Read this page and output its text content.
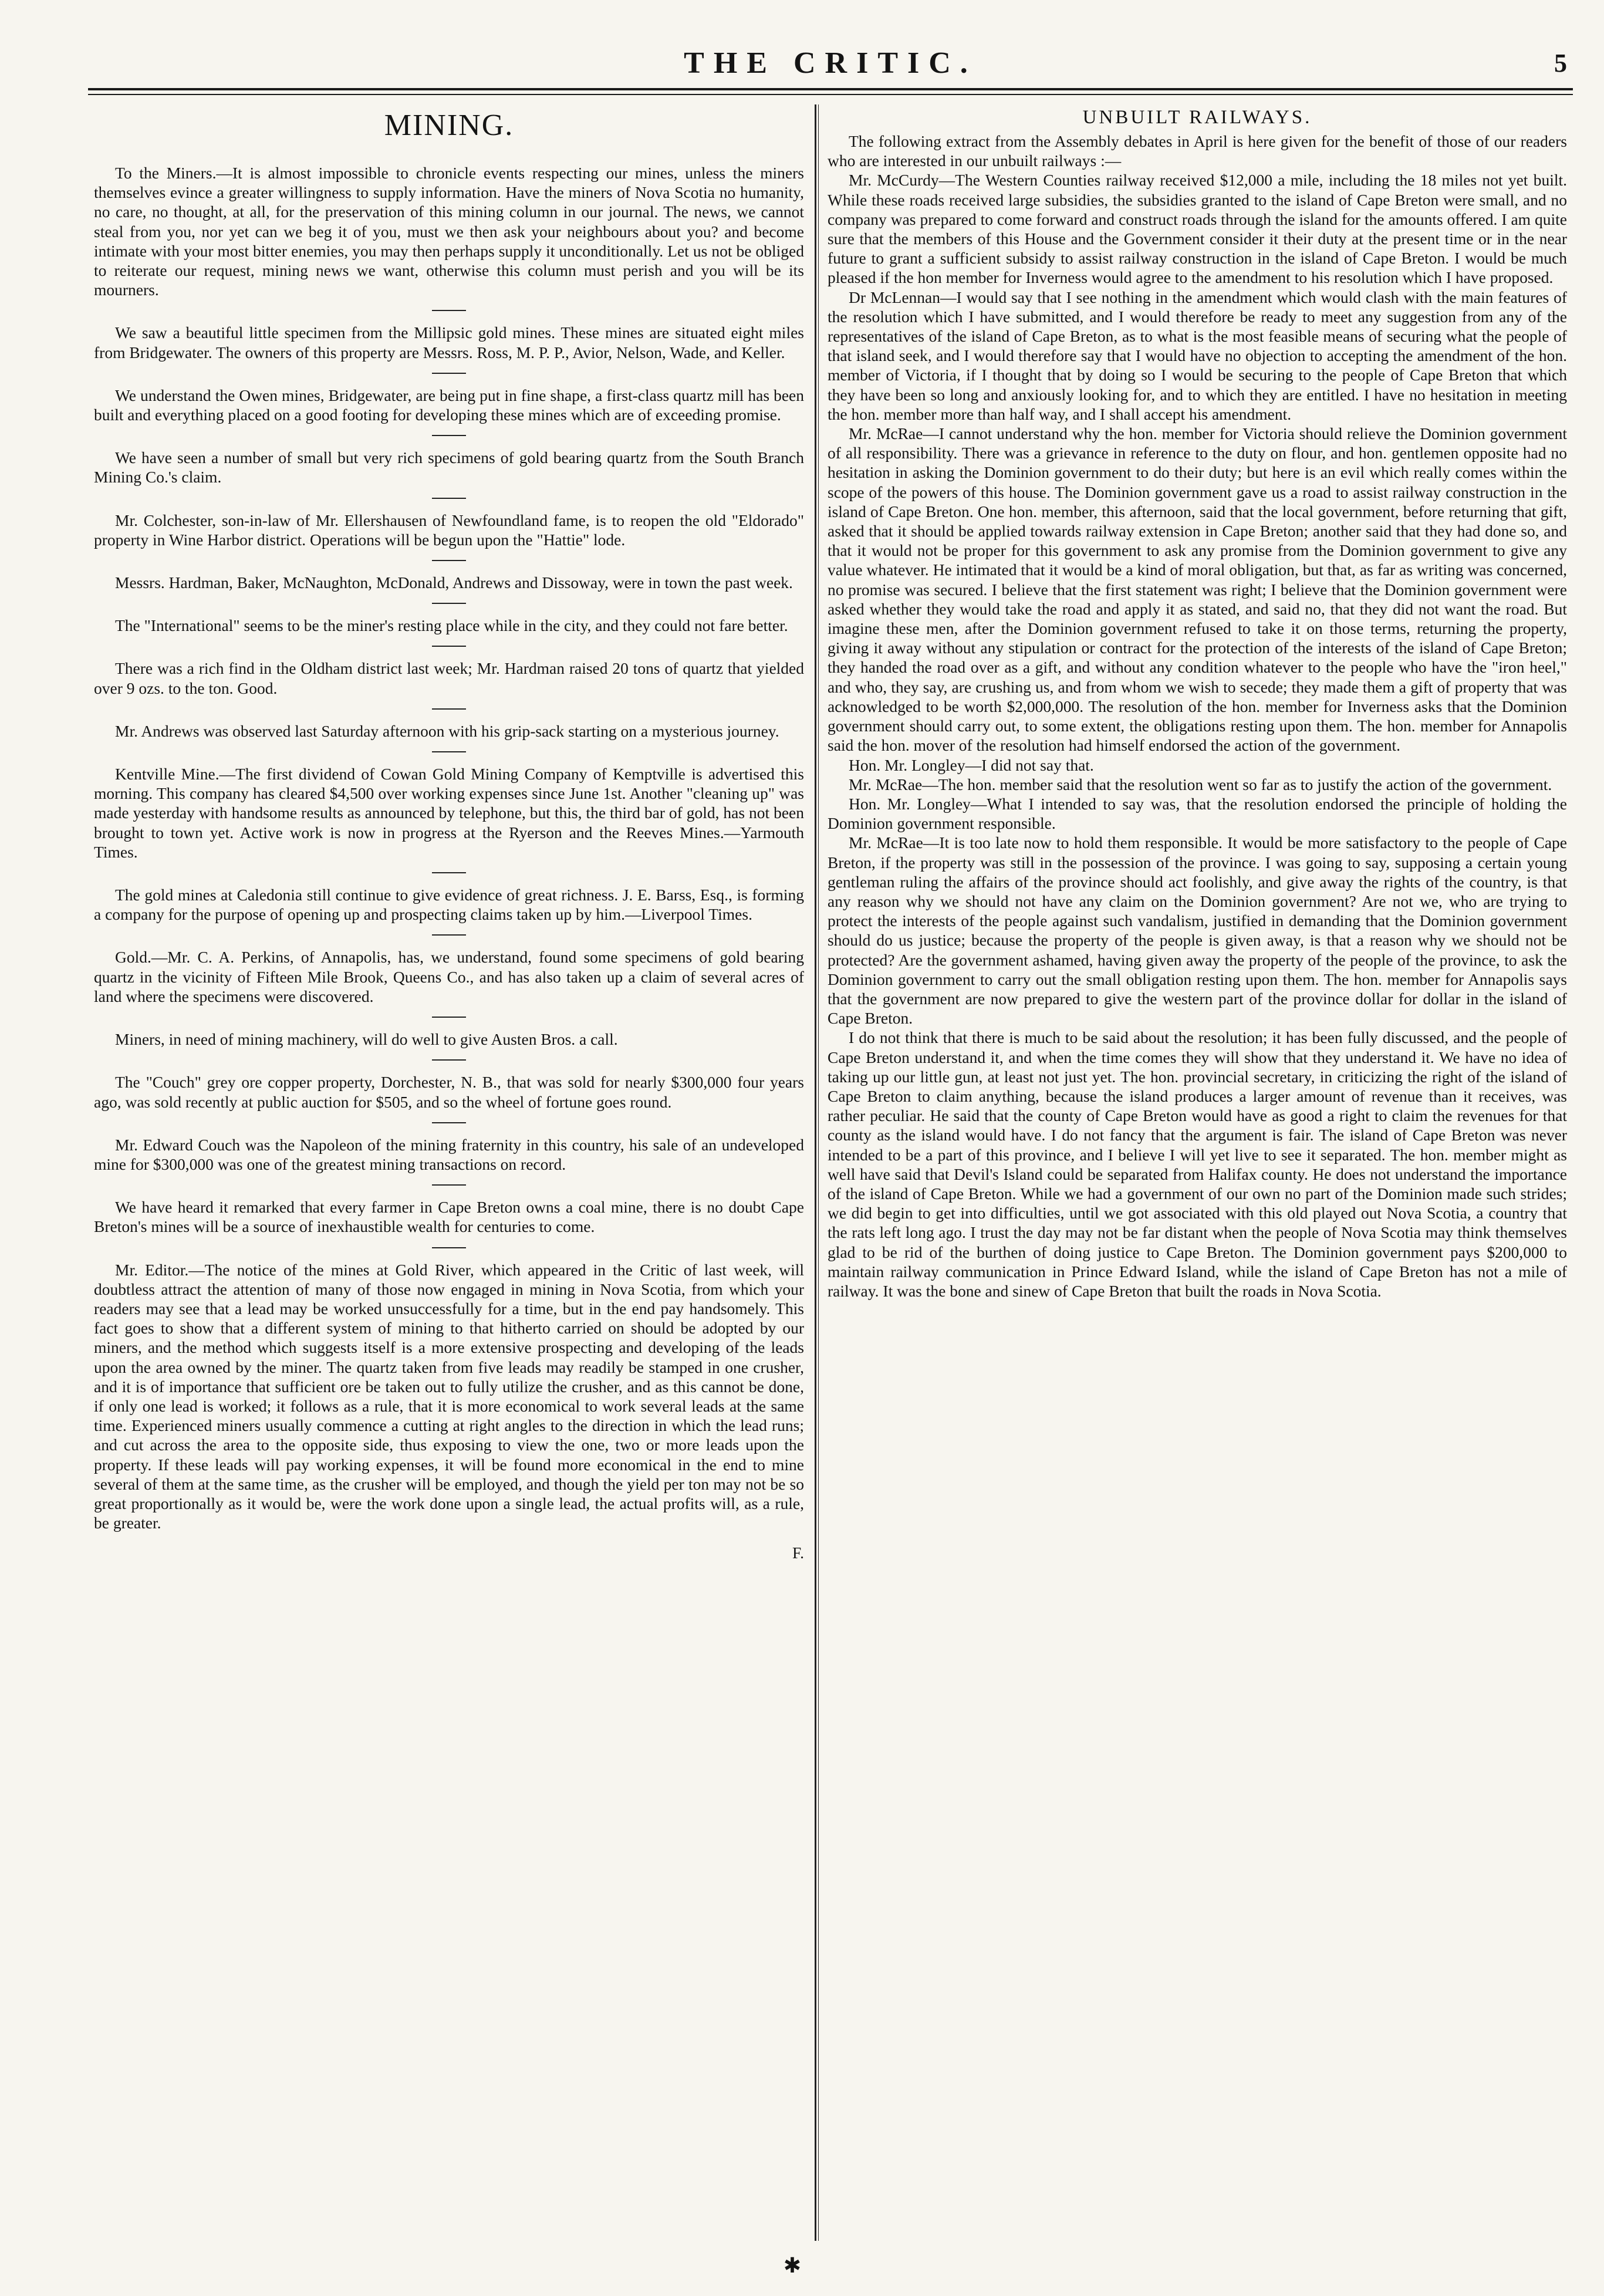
THE CRITIC.	5
MINING.

To the Miners.—It is almost impossible to chronicle events respecting our mines, unless the miners themselves evince a greater willingness to supply information. Have the miners of Nova Scotia no humanity, no care, no thought, at all, for the preservation of this mining column in our journal. The news, we cannot steal from you, nor yet can we beg it of you, must we then ask your neighbours about you? and become intimate with your most bitter enemies, you may then perhaps supply it unconditionally. Let us not be obliged to reiterate our request, mining news we want, otherwise this column must perish and you will be its mourners.

We saw a beautiful little specimen from the Millipsic gold mines. These mines are situated eight miles from Bridgewater. The owners of this property are Messrs. Ross, M. P. P., Avior, Nelson, Wade, and Keller.

We understand the Owen mines, Bridgewater, are being put in fine shape, a first-class quartz mill has been built and everything placed on a good footing for developing these mines which are of exceeding promise.

We have seen a number of small but very rich specimens of gold bearing quartz from the South Branch Mining Co.'s claim.

Mr. Colchester, son-in-law of Mr. Ellershausen of Newfoundland fame, is to reopen the old "Eldorado" property in Wine Harbor district. Operations will be begun upon the "Hattie" lode.

Messrs. Hardman, Baker, McNaughton, McDonald, Andrews and Dissoway, were in town the past week.

The "International" seems to be the miner's resting place while in the city, and they could not fare better.

There was a rich find in the Oldham district last week; Mr. Hardman raised 20 tons of quartz that yielded over 9 ozs. to the ton. Good.

Mr. Andrews was observed last Saturday afternoon with his grip-sack starting on a mysterious journey.

Kentville Mine.—The first dividend of Cowan Gold Mining Company of Kemptville is advertised this morning. This company has cleared $4,500 over working expenses since June 1st. Another "cleaning up" was made yesterday with handsome results as announced by telephone, but this, the third bar of gold, has not been brought to town yet. Active work is now in progress at the Ryerson and the Reeves Mines.—Yarmouth Times.

The gold mines at Caledonia still continue to give evidence of great richness. J. E. Barss, Esq., is forming a company for the purpose of opening up and prospecting claims taken up by him.—Liverpool Times.

Gold.—Mr. C. A. Perkins, of Annapolis, has, we understand, found some specimens of gold bearing quartz in the vicinity of Fifteen Mile Brook, Queens Co., and has also taken up a claim of several acres of land where the specimens were discovered.

Miners, in need of mining machinery, will do well to give Austen Bros. a call.

The "Couch" grey ore copper property, Dorchester, N. B., that was sold for nearly $300,000 four years ago, was sold recently at public auction for $505, and so the wheel of fortune goes round.

Mr. Edward Couch was the Napoleon of the mining fraternity in this country, his sale of an undeveloped mine for $300,000 was one of the greatest mining transactions on record.

We have heard it remarked that every farmer in Cape Breton owns a coal mine, there is no doubt Cape Breton's mines will be a source of inexhaustible wealth for centuries to come.

Mr. Editor.—The notice of the mines at Gold River, which appeared in the Critic of last week, will doubtless attract the attention of many of those now engaged in mining in Nova Scotia, from which your readers may see that a lead may be worked unsuccessfully for a time, but in the end pay handsomely. This fact goes to show that a different system of mining to that hitherto carried on should be adopted by our miners, and the method which suggests itself is a more extensive prospecting and developing of the leads upon the area owned by the miner. The quartz taken from five leads may readily be stamped in one crusher, and it is of importance that sufficient ore be taken out to fully utilize the crusher, and as this cannot be done, if only one lead is worked; it follows as a rule, that it is more economical to work several leads at the same time. Experienced miners usually commence a cutting at right angles to the direction in which the lead runs; and cut across the area to the opposite side, thus exposing to view the one, two or more leads upon the property. If these leads will pay working expenses, it will be found more economical in the end to mine several of them at the same time, as the crusher will be employed, and though the yield per ton may not be so great proportionally as it would be, were the work done upon a single lead, the actual profits will, as a rule, be greater.

F.
UNBUILT RAILWAYS.

The following extract from the Assembly debates in April is here given for the benefit of those of our readers who are interested in our unbuilt railways :—

Mr. McCurdy—The Western Counties railway received $12,000 a mile, including the 18 miles not yet built. While these roads received large subsidies, the subsidies granted to the island of Cape Breton were small, and no company was prepared to come forward and construct roads through the island for the amounts offered. I am quite sure that the members of this House and the Government consider it their duty at the present time or in the near future to grant a sufficient subsidy to assist railway construction in the island of Cape Breton. I would be much pleased if the hon member for Inverness would agree to the amendment to his resolution which I have proposed.

Dr McLennan—I would say that I see nothing in the amendment which would clash with the main features of the resolution which I have submitted, and I would therefore be ready to meet any suggestion from any of the representatives of the island of Cape Breton, as to what is the most feasible means of securing what the people of that island seek, and I would therefore say that I would have no objection to accepting the amendment of the hon. member of Victoria, if I thought that by doing so I would be securing to the people of Cape Breton that which they have been so long and anxiously looking for, and to which they are entitled. I have no hesitation in meeting the hon. member more than half way, and I shall accept his amendment.

Mr. McRae—I cannot understand why the hon. member for Victoria should relieve the Dominion government of all responsibility. There was a grievance in reference to the duty on flour, and hon. gentlemen opposite had no hesitation in asking the Dominion government to do their duty; but here is an evil which really comes within the scope of the powers of this house. The Dominion government gave us a road to assist railway construction in the island of Cape Breton. One hon. member, this afternoon, said that the local government, before returning that gift, asked that it should be applied towards railway extension in Cape Breton; another said that they had done so, and that it would not be proper for this government to ask any promise from the Dominion government to give any value whatever. He intimated that it would be a kind of moral obligation, but that, as far as writing was concerned, no promise was secured. I believe that the first statement was right; I believe that the Dominion government were asked whether they would take the road and apply it as stated, and said no, that they did not want the road. But imagine these men, after the Dominion government refused to take it on those terms, returning the property, giving it away without any stipulation or contract for the protection of the interests of the island of Cape Breton; they handed the road over as a gift, and without any condition whatever to the people who have the "iron heel," and who, they say, are crushing us, and from whom we wish to secede; they made them a gift of property that was acknowledged to be worth $2,000,000. The resolution of the hon. member for Inverness asks that the Dominion government should carry out, to some extent, the obligations resting upon them. The hon. member for Annapolis said the hon. mover of the resolution had himself endorsed the action of the government.

Hon. Mr. Longley—I did not say that.

Mr. McRae—The hon. member said that the resolution went so far as to justify the action of the government.

Hon. Mr. Longley—What I intended to say was, that the resolution endorsed the principle of holding the Dominion government responsible.

Mr. McRae—It is too late now to hold them responsible. It would be more satisfactory to the people of Cape Breton, if the property was still in the possession of the province. I was going to say, supposing a certain young gentleman ruling the affairs of the province should act foolishly, and give away the rights of the country, is that any reason why we should not have any claim on the Dominion government? Are not we, who are trying to protect the interests of the people against such vandalism, justified in demanding that the Dominion government should do us justice; because the property of the people is given away, is that a reason why we should not be protected? Are the government ashamed, having given away the property of the people of the province, to ask the Dominion government to carry out the small obligation resting upon them. The hon. member for Annapolis says that the government are now prepared to give the western part of the province dollar for dollar in the island of Cape Breton.

I do not think that there is much to be said about the resolution; it has been fully discussed, and the people of Cape Breton understand it, and when the time comes they will show that they understand it. We have no idea of taking up our little gun, at least not just yet. The hon. provincial secretary, in criticizing the right of the island of Cape Breton to claim anything, because the island produces a larger amount of revenue than it receives, was rather peculiar. He said that the county of Cape Breton would have as good a right to claim the revenues for that county as the island would have. I do not fancy that the argument is fair. The island of Cape Breton was never intended to be a part of this province, and I believe I will yet live to see it separated. The hon. member might as well have said that Devil's Island could be separated from Halifax county. He does not understand the importance of the island of Cape Breton. While we had a government of our own no part of the Dominion made such strides; we did begin to get into difficulties, until we got associated with this old played out Nova Scotia, a country that the rats left long ago. I trust the day may not be far distant when the people of Nova Scotia may think themselves glad to be rid of the burthen of doing justice to Cape Breton. The Dominion government pays $200,000 to maintain railway communication in Prince Edward Island, while the island of Cape Breton has not a mile of railway. It was the bone and sinew of Cape Breton that built the roads in Nova Scotia.

✱
